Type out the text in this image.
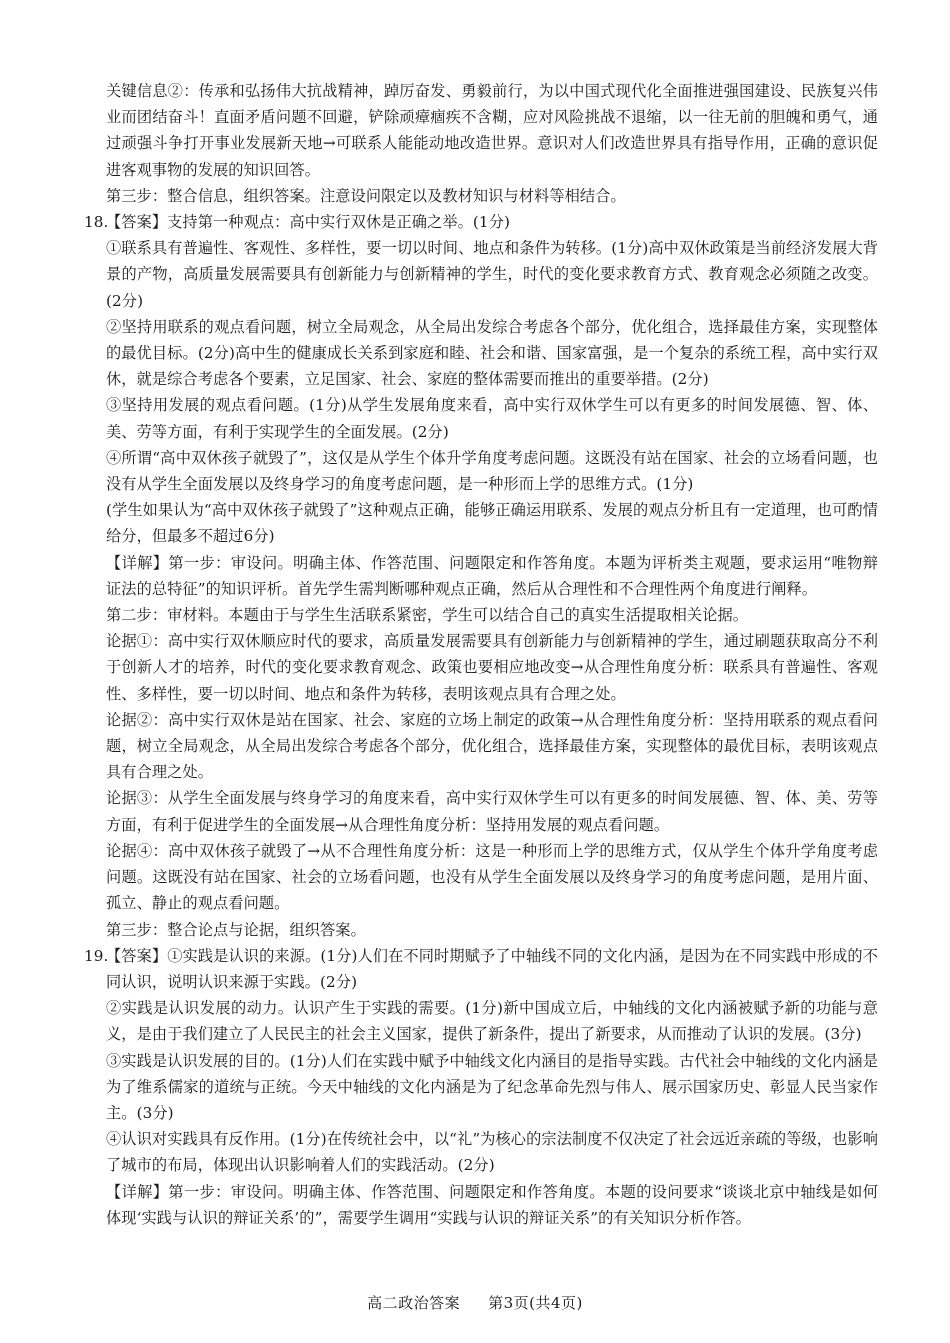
关键信息②：传承和弘扬伟大抗战精神，踔厉奋发、勇毅前行，为以中国式现代化全面推进强国建设、民族复兴伟业而团结奋斗！直面矛盾问题不回避，铲除顽瘴痼疾不含糊，应对风险挑战不退缩，以一往无前的胆魄和勇气，通过顽强斗争打开事业发展新天地→可联系人能能动地改造世界。意识对人们改造世界具有指导作用，正确的意识促进客观事物的发展的知识回答。

第三步：整合信息，组织答案。注意设问限定以及教材知识与材料等相结合。

18.
【答案】支持第一种观点：高中实行双休是正确之举。(1分)

①联系具有普遍性、客观性、多样性，要一切以时间、地点和条件为转移。(1分)高中双休政策是当前经济发展大背景的产物，高质量发展需要具有创新能力与创新精神的学生，时代的变化要求教育方式、教育观念必须随之改变。(2分)

②坚持用联系的观点看问题，树立全局观念，从全局出发综合考虑各个部分，优化组合，选择最佳方案，实现整体的最优目标。(2分)高中生的健康成长关系到家庭和睦、社会和谐、国家富强，是一个复杂的系统工程，高中实行双休，就是综合考虑各个要素，立足国家、社会、家庭的整体需要而推出的重要举措。(2分)

③坚持用发展的观点看问题。(1分)从学生发展角度来看，高中实行双休学生可以有更多的时间发展德、智、体、美、劳等方面，有利于实现学生的全面发展。(2分)

④所谓“高中双休孩子就毁了”，这仅是从学生个体升学角度考虑问题。这既没有站在国家、社会的立场看问题，也没有从学生全面发展以及终身学习的角度考虑问题，是一种形而上学的思维方式。(1分)

(学生如果认为“高中双休孩子就毁了”这种观点正确，能够正确运用联系、发展的观点分析且有一定道理，也可酌情给分，但最多不超过6分)

【详解】第一步：审设问。明确主体、作答范围、问题限定和作答角度。本题为评析类主观题，要求运用“唯物辩证法的总特征”的知识评析。首先学生需判断哪种观点正确，然后从合理性和不合理性两个角度进行阐释。

第二步：审材料。本题由于与学生生活联系紧密，学生可以结合自己的真实生活提取相关论据。

论据①：高中实行双休顺应时代的要求，高质量发展需要具有创新能力与创新精神的学生，通过刷题获取高分不利于创新人才的培养，时代的变化要求教育观念、政策也要相应地改变→从合理性角度分析：联系具有普遍性、客观性、多样性，要一切以时间、地点和条件为转移，表明该观点具有合理之处。

论据②：高中实行双休是站在国家、社会、家庭的立场上制定的政策→从合理性角度分析：坚持用联系的观点看问题，树立全局观念，从全局出发综合考虑各个部分，优化组合，选择最佳方案，实现整体的最优目标，表明该观点具有合理之处。

论据③：从学生全面发展与终身学习的角度来看，高中实行双休学生可以有更多的时间发展德、智、体、美、劳等方面，有利于促进学生的全面发展→从合理性角度分析：坚持用发展的观点看问题。

论据④：高中双休孩子就毁了→从不合理性角度分析：这是一种形而上学的思维方式，仅从学生个体升学角度考虑问题。这既没有站在国家、社会的立场看问题，也没有从学生全面发展以及终身学习的角度考虑问题，是用片面、孤立、静止的观点看问题。

第三步：整合论点与论据，组织答案。

19.
【答案】①实践是认识的来源。(1分)人们在不同时期赋予了中轴线不同的文化内涵，是因为在不同实践中形成的不同认识，说明认识来源于实践。(2分)

②实践是认识发展的动力。认识产生于实践的需要。(1分)新中国成立后，中轴线的文化内涵被赋予新的功能与意义，是由于我们建立了人民民主的社会主义国家，提供了新条件，提出了新要求，从而推动了认识的发展。(3分)

③实践是认识发展的目的。(1分)人们在实践中赋予中轴线文化内涵目的是指导实践。古代社会中轴线的文化内涵是为了维系儒家的道统与正统。今天中轴线的文化内涵是为了纪念革命先烈与伟人、展示国家历史、彰显人民当家作主。(3分)

④认识对实践具有反作用。(1分)在传统社会中，以“礼”为核心的宗法制度不仅决定了社会远近亲疏的等级，也影响了城市的布局，体现出认识影响着人们的实践活动。(2分)

【详解】第一步：审设问。明确主体、作答范围、问题限定和作答角度。本题的设问要求“谈谈北京中轴线是如何体现‘实践与认识的辩证关系’的”，需要学生调用“实践与认识的辩证关系”的有关知识分析作答。

高二政治答案 第3页(共4页)
